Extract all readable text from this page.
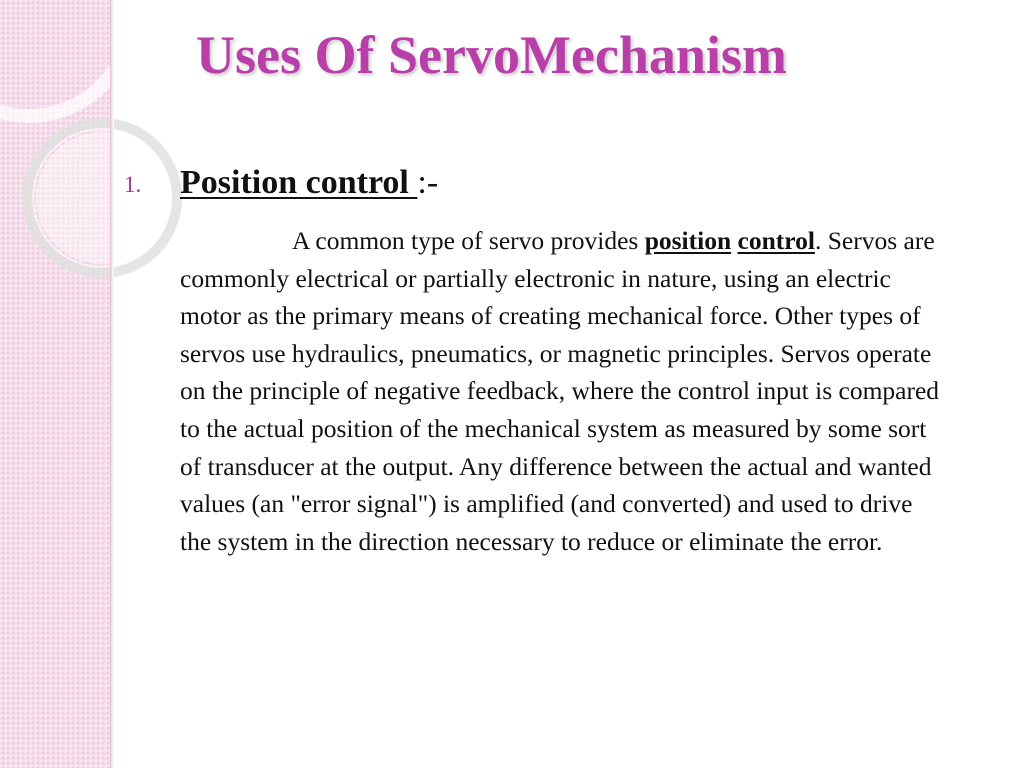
Uses Of ServoMechanism
1. Position control :-

A common type of servo provides position control. Servos are commonly electrical or partially electronic in nature, using an electric motor as the primary means of creating mechanical force. Other types of servos use hydraulics, pneumatics, or magnetic principles. Servos operate on the principle of negative feedback, where the control input is compared to the actual position of the mechanical system as measured by some sort of transducer at the output. Any difference between the actual and wanted values (an "error signal") is amplified (and converted) and used to drive the system in the direction necessary to reduce or eliminate the error.
